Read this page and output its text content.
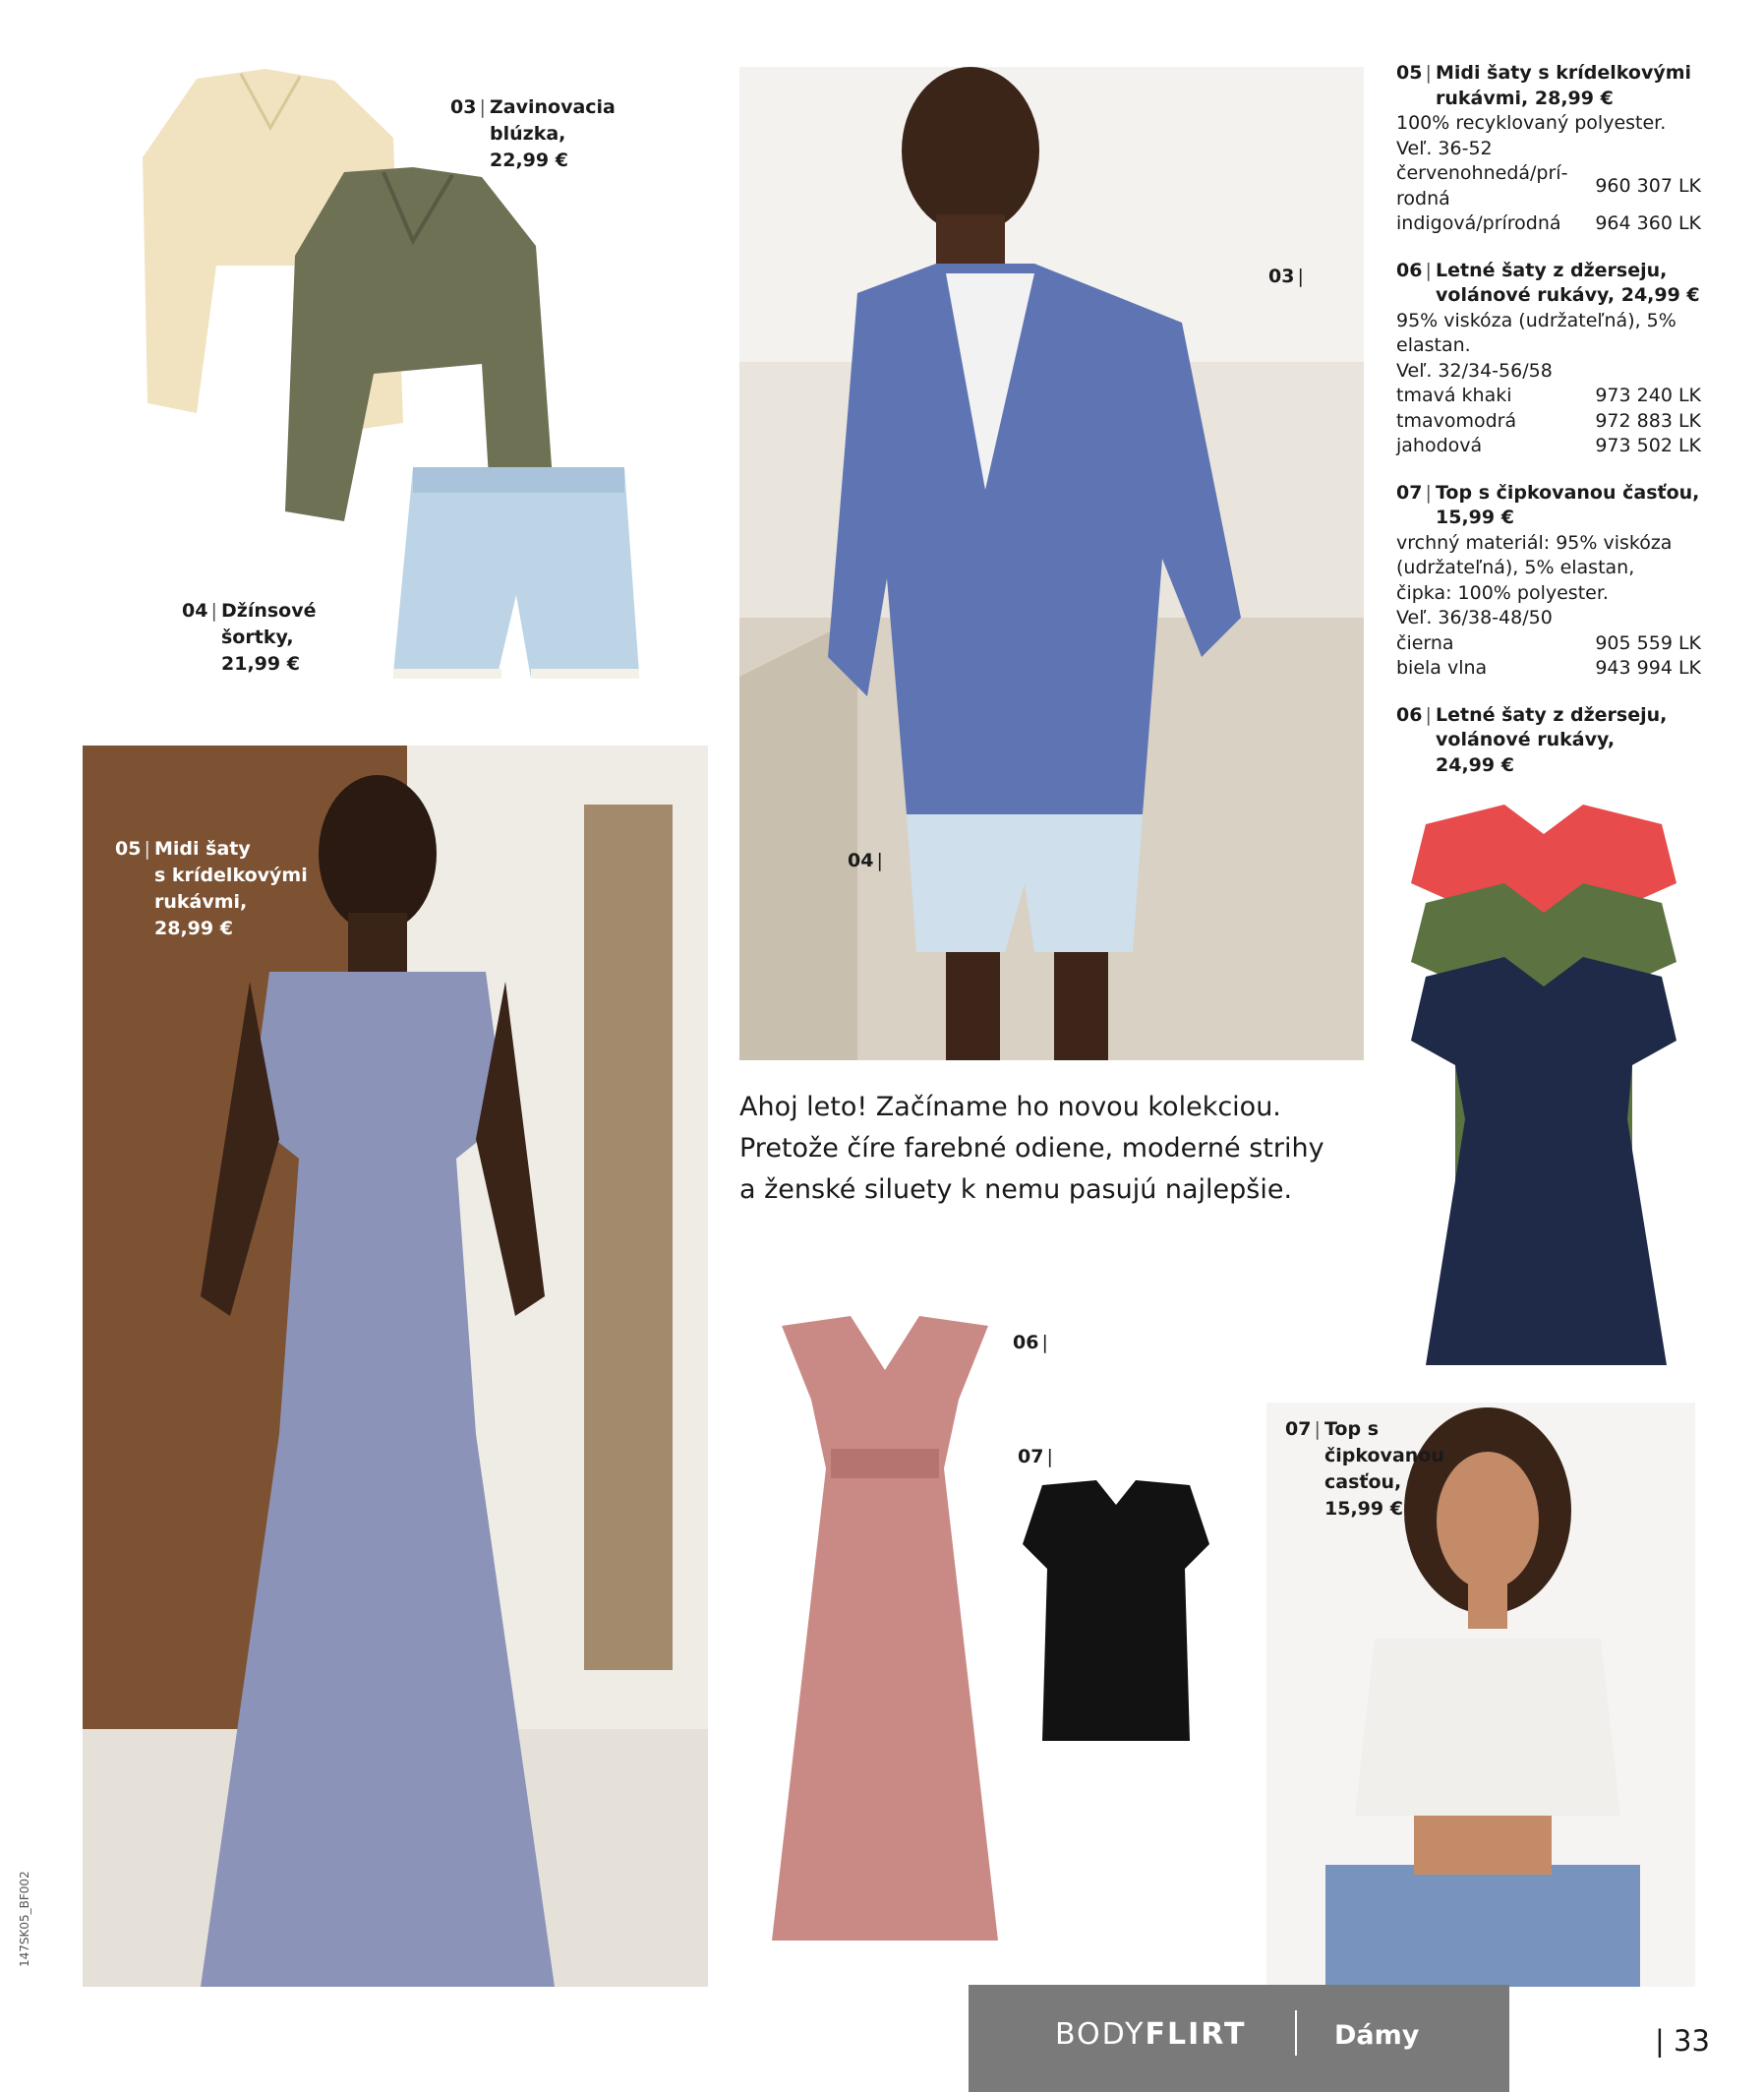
03 | Zavinovacia
blúzka,
22,99 €
04 | Džínsové
šortky,
21,99 €
03 |
04 |
05 | Midi šaty
s krídelkovými
rukávmi,
28,99 €
Ahoj leto! Začíname ho novou kolekciou.
Pretože číre farebné odiene, moderné strihy
a ženské siluety k nemu pasujú najlepšie.
06 |
07 |
07 | Top s
čipkovanou
casťou,
15,99 €
05 | Midi šaty s krídelkovými
rukávmi, 28,99 €
100% recyklovaný polyester.
Veľ. 36-52
červenohnedá/prí-
rodná
960 307 LK
indigová/prírodná	964 360 LK
06 | Letné šaty z džerseju,
volánové rukávy, 24,99 €
95% viskóza (udržateľná), 5%
elastan.
Veľ. 32/34-56/58
tmavá khaki	973 240 LK
tmavomodrá	972 883 LK
jahodová	973 502 LK
07 | Top s čipkovanou časťou,
15,99 €
vrchný materiál: 95% viskóza
(udržateľná), 5% elastan,
čipka: 100% polyester.
Veľ. 36/38-48/50
čierna	905 559 LK
biela vlna	943 994 LK
06 | Letné šaty z džerseju,
volánové rukávy,
24,99 €
BODYFLIRT	Dámy
|	33
147SK05_BF002
